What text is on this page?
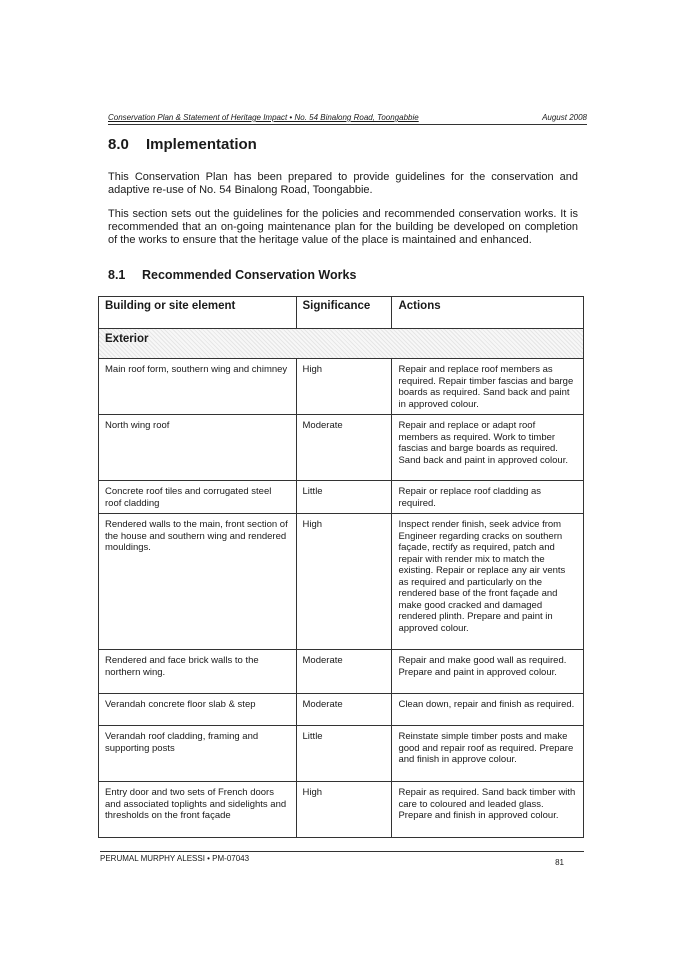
Conservation Plan & Statement of Heritage Impact • No. 54 Binalong Road, Toongabbie	August 2008
8.0 Implementation

This Conservation Plan has been prepared to provide guidelines for the conservation and adaptive re-use of No. 54 Binalong Road, Toongabbie.

This section sets out the guidelines for the policies and recommended conservation works. It is recommended that an on-going maintenance plan for the building be developed on completion of the works to ensure that the heritage value of the place is maintained and enhanced.

8.1 Recommended Conservation Works
Building or site element	Significance	Actions
Exterior		
Main roof form, southern wing and chimney	High	Repair and replace roof members as required. Repair timber fascias and barge boards as required. Sand back and paint in approved colour.
North wing roof	Moderate	Repair and replace or adapt roof members as required. Work to timber fascias and barge boards as required. Sand back and paint in approved colour.
Concrete roof tiles and corrugated steel roof cladding	Little	Repair or replace roof cladding as required.
Rendered walls to the main, front section of the house and southern wing and rendered mouldings.	High	Inspect render finish, seek advice from Engineer regarding cracks on southern façade, rectify as required, patch and repair with render mix to match the existing. Repair or replace any air vents as required and particularly on the rendered base of the front façade and make good cracked and damaged rendered plinth. Prepare and paint in approved colour.
Rendered and face brick walls to the northern wing.	Moderate	Repair and make good wall as required. Prepare and paint in approved colour.
Verandah concrete floor slab & step	Moderate	Clean down, repair and finish as required.
Verandah roof cladding, framing and supporting posts	Little	Reinstate simple timber posts and make good and repair roof as required. Prepare and finish in approve colour.
Entry door and two sets of French doors and associated toplights and sidelights and thresholds on the front façade	High	Repair as required. Sand back timber with care to coloured and leaded glass. Prepare and finish in approved colour.
PERUMAL MURPHY ALESSI • PM-07043	81
